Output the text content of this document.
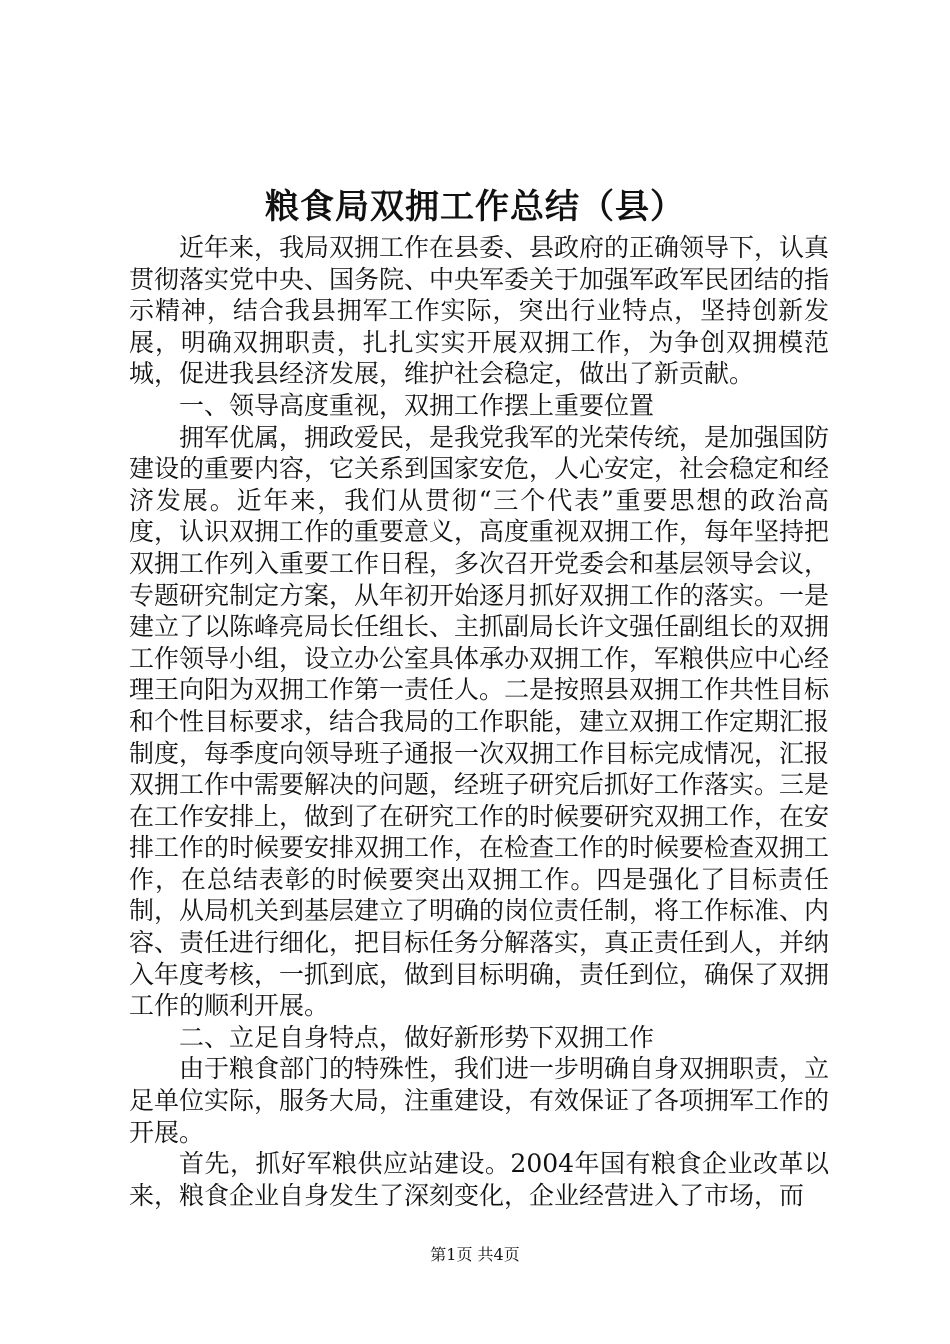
粮食局双拥工作总结（县）

近年来，我局双拥工作在县委、县政府的正确领导下，认真贯彻落实党中央、国务院、中央军委关于加强军政军民团结的指示精神，结合我县拥军工作实际，突出行业特点，坚持创新发展，明确双拥职责，扎扎实实开展双拥工作，为争创双拥模范城，促进我县经济发展，维护社会稳定，做出了新贡献。

一、领导高度重视，双拥工作摆上重要位置

拥军优属，拥政爱民，是我党我军的光荣传统，是加强国防建设的重要内容，它关系到国家安危，人心安定，社会稳定和经济发展。近年来，我们从贯彻“三个代表”重要思想的政治高度，认识双拥工作的重要意义，高度重视双拥工作，每年坚持把双拥工作列入重要工作日程，多次召开党委会和基层领导会议，专题研究制定方案，从年初开始逐月抓好双拥工作的落实。一是建立了以陈峰亮局长任组长、主抓副局长许文强任副组长的双拥工作领导小组，设立办公室具体承办双拥工作，军粮供应中心经理王向阳为双拥工作第一责任人。二是按照县双拥工作共性目标和个性目标要求，结合我局的工作职能，建立双拥工作定期汇报制度，每季度向领导班子通报一次双拥工作目标完成情况，汇报双拥工作中需要解决的问题，经班子研究后抓好工作落实。三是在工作安排上，做到了在研究工作的时候要研究双拥工作，在安排工作的时候要安排双拥工作，在检查工作的时候要检查双拥工作，在总结表彰的时候要突出双拥工作。四是强化了目标责任制，从局机关到基层建立了明确的岗位责任制，将工作标准、内容、责任进行细化，把目标任务分解落实，真正责任到人，并纳入年度考核，一抓到底，做到目标明确，责任到位，确保了双拥工作的顺利开展。

二、立足自身特点，做好新形势下双拥工作

由于粮食部门的特殊性，我们进一步明确自身双拥职责，立足单位实际，服务大局，注重建设，有效保证了各项拥军工作的开展。

首先，抓好军粮供应站建设。2004年国有粮食企业改革以来，粮食企业自身发生了深刻变化，企业经营进入了市场，而

第1页 共4页
